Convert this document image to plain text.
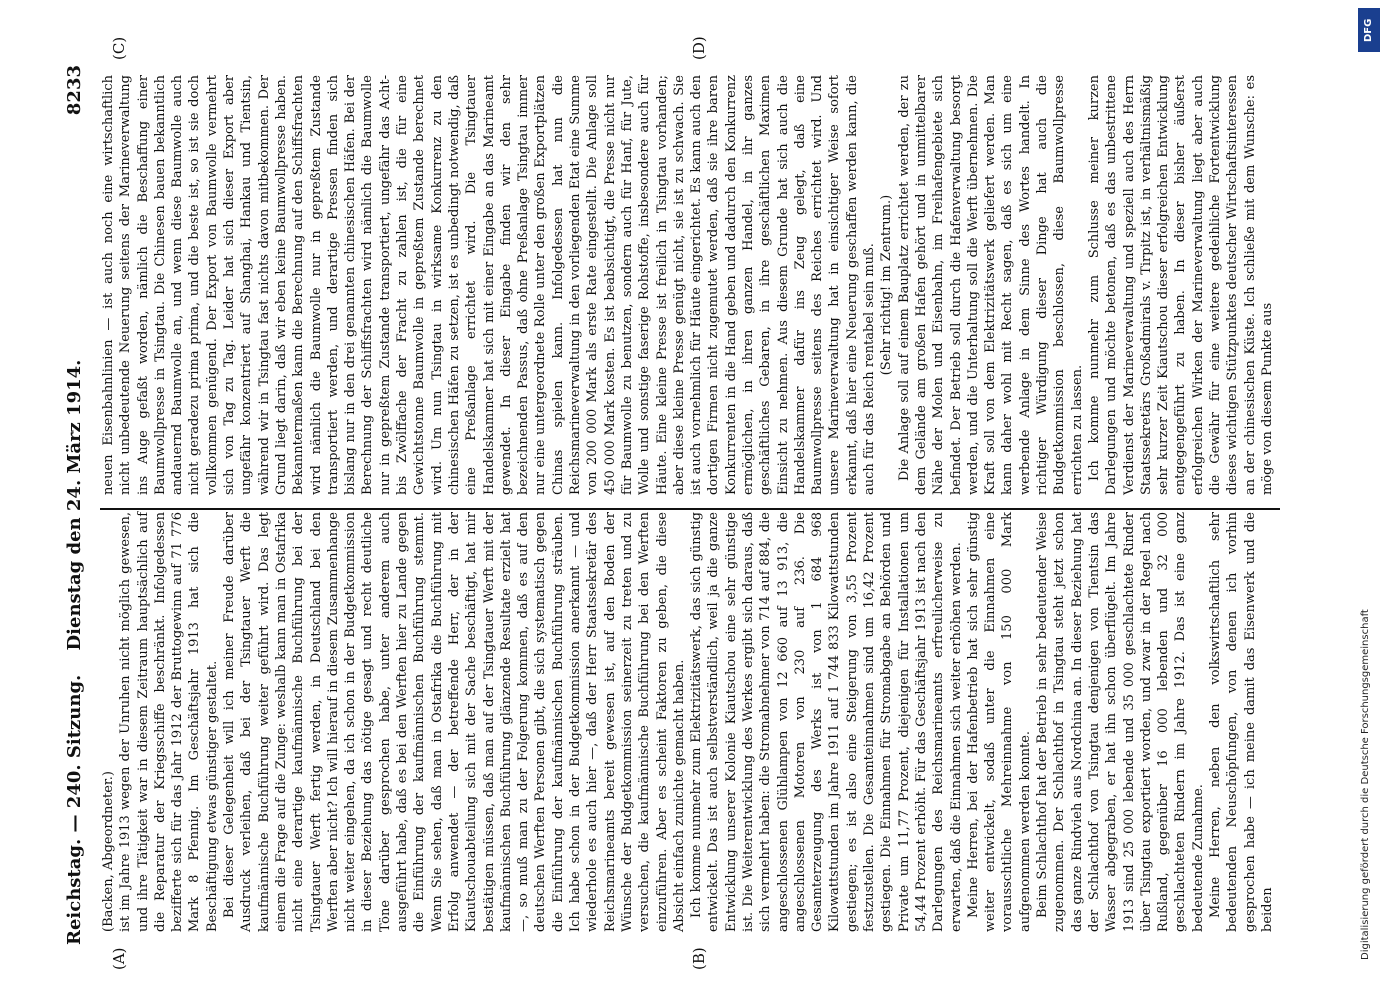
Reichstag. — 240. Sitzung.
Dienstag den 24. März 1914.
8233
(A)	(B)
(C)	(D)

(Backen, Abgeordneter.) ist im Jahre 1913 wegen der Unruhen nicht möglich gewesen, und ihre Tätigkeit war in diesem Zeitraum hauptsächlich auf die Reparatur der Kriegsschiffe beschränkt. Infolgedessen bezifferte sich für das Jahr 1912 der Bruttogewinn auf 71 776 Mark 8 Pfennig. Im Geschäftsjahr 1913 hat sich die Beschäftigung etwas günstiger gestaltet. Bei dieser Gelegenheit will ich meiner Freude darüber Ausdruck verleihen, daß bei der Tsingtauer Werft die kaufmännische Buchführung weiter geführt wird. Das legt einem die Frage auf die Zunge: weshalb kann man in Ostafrika nicht eine derartige kaufmännische Buchführung bei der Tsingtauer Werft fertig werden, in Deutschland bei den Werften aber nicht? Ich will hierauf in diesem Zusammenhange nicht weiter eingehen, da ich schon in der Budgetkommission in dieser Beziehung das nötige gesagt und recht deutliche Töne darüber gesprochen habe, unter anderem auch ausgeführt habe, daß es bei den Werften hier zu Lande gegen die Einführung der kaufmännischen Buchführung stemmt. Wenn Sie sehen, daß man in Ostafrika die Buchführung mit Erfolg anwendet — der betreffende Herr, der in der Kiautschouabteilung sich mit der Sache beschäftigt, hat mir bestätigen müssen, daß man auf der Tsingtauer Werft mit der kaufmännischen Buchführung glänzende Resultate erzielt hat —, so muß man zu der Folgerung kommen, daß es auf den deutschen Werften Personen gibt, die sich systematisch gegen die Einführung der kaufmännischen Buchführung sträuben. Ich habe schon in der Budgetkommission anerkannt — und wiederhole es auch hier —, daß der Herr Staatssekretär des Reichsmarineamts bereit gewesen ist, auf den Boden der Wünsche der Budgetkommission seinerzeit zu treten und zu versuchen, die kaufmännische Buchführung bei den Werften einzuführen. Aber es scheint Faktoren zu geben, die diese Absicht einfach zunichte gemacht haben. Ich komme nunmehr zum Elektrizitätswerk, das sich günstig entwickelt. Das ist auch selbstverständlich, weil ja die ganze Entwicklung unserer Kolonie Kiautschou eine sehr günstige ist. Die Weiterentwicklung des Werkes ergibt sich daraus, daß sich vermehrt haben: die Stromabnehmer von 714 auf 884, die angeschlossenen Glühlampen von 12 660 auf 13 913, die angeschlossenen Motoren von 230 auf 236. Die Gesamterzeugung des Werks ist von 1 684 968 Kilowattstunden im Jahre 1911 auf 1 744 833 Kilowattstunden gestiegen; es ist also eine Steigerung von 3,55 Prozent festzustellen. Die Gesamteinnahmen sind um 16,42 Prozent gestiegen. Die Einnahmen für Stromabgabe an Behörden und Private um 11,77 Prozent, diejenigen für Installationen um 54,44 Prozent erhöht. Für das Geschäftsjahr 1913 ist nach den Darlegungen des Reichsmarineamts erfreulicherweise zu erwarten, daß die Einnahmen sich weiter erhöhen werden. Meine Herren, bei der Hafenbetrieb hat sich sehr günstig weiter entwickelt, sodaß unter die Einnahmen eine vorausschtliche Mehreinnahme von 150 000 Mark aufgenommen werden konnte. Beim Schlachthof hat der Betrieb in sehr bedeutender Weise zugenommen. Der Schlachthof in Tsingtau steht jetzt schon das ganze Rindvieh aus Nordchina an. In dieser Beziehung hat der Schlachthof von Tsingtau denjenigen von Tientsin das Wasser abgegraben, er hat ihn schon überflügelt. Im Jahre 1913 sind 25 000 lebende und 35 000 geschlachtete Rinder über Tsingtau exportiert worden, und zwar in der Regel nach Rußland, gegenüber 16 000 lebenden und 32 000 geschlachteten Rindern im Jahre 1912. Das ist eine ganz bedeutende Zunahme. Meine Herren, neben den volkswirtschaftlich sehr bedeutenden Neuschöpfungen, von denen ich vorhin gesprochen habe — ich meine damit das Eisenwerk und die beiden

neuen Eisenbahnlinien — ist auch noch eine wirtschaftlich nicht unbedeutende Neuerung seitens der Marineverwaltung ins Auge gefaßt worden, nämlich die Beschaffung einer Baumwollpresse in Tsingtau. Die Chinesen bauen bekanntlich andauernd Baumwolle an, und wenn diese Baumwolle auch nicht geradezu prima prima, und die beste ist, so ist sie doch vollkommen genügend. Der Export von Baumwolle vermehrt sich von Tag zu Tag. Leider hat sich dieser Export aber ungefähr konzentriert auf Shanghai, Hankau und Tientsin, während wir in Tsingtau fast nichts davon mitbekommen. Der Grund liegt darin, daß wir eben keine Baumwollpresse haben. Bekanntermaßen kann die Berechnung auf den Schiffsfrachten wird nämlich die Baumwolle nur in gepreßtem Zustande transportiert werden, und derartige Pressen finden sich bislang nur in den drei genannten chinesischen Häfen. Bei der Berechnung der Schiffsfrachten wird nämlich die Baumwolle nur in gepreßtem Zustande transportiert, ungefähr das Acht- bis Zwölffache der Fracht zu zahlen ist, die für eine Gewichtstonne Baumwolle in gepreßtem Zustande berechnet wird. Um nun Tsingtau in wirksame Konkurrenz zu den chinesischen Häfen zu setzen, ist es unbedingt notwendig, daß eine Preßanlage errichtet wird. Die Tsingtauer Handelskammer hat sich mit einer Eingabe an das Marineamt gewendet. In dieser Eingabe finden wir den sehr bezeichnenden Passus, daß ohne Preßanlage Tsingtau immer nur eine untergeordnete Rolle unter den großen Exportplätzen Chinas spielen kann. Infolgedessen hat nun die Reichsmarineverwaltung in den vorliegenden Etat eine Summe von 200 000 Mark als erste Rate eingestellt. Die Anlage soll 450 000 Mark kosten. Es ist beabsichtigt, die Presse nicht nur für Baumwolle zu benutzen, sondern auch für Hanf, für Jute, Wolle und sonstige faserige Rohstoffe, insbesondere auch für Häute. Eine kleine Presse ist freilich in Tsingtau vorhanden; aber diese kleine Presse genügt nicht, sie ist zu schwach. Sie ist auch vornehmlich für Häute eingerichtet. Es kann auch den dortigen Firmen nicht zugemutet werden, daß sie ihre baren Konkurrenten in die Hand geben und dadurch den Konkurrenz ermöglichen, in ihren ganzen Handel, in ihr ganzes geschäftliches Gebaren, in ihre geschäftlichen Maximen Einsicht zu nehmen. Aus diesem Grunde hat sich auch die Handelskammer dafür ins Zeug gelegt, daß eine Baumwollpresse seitens des Reiches errichtet wird. Und unsere Marineverwaltung hat in einsichtiger Weise sofort erkannt, daß hier eine Neuerung geschaffen werden kann, die auch für das Reich rentabel sein muß. (Sehr richtig! im Zentrum.) Die Anlage soll auf einem Bauplatz errichtet werden, der zu dem Gelände am großen Hafen gehört und in unmittelbarer Nähe der Molen und Eisenbahn, im Freihafengebiete sich befindet. Der Betrieb soll durch die Hafenverwaltung besorgt werden, und die Unterhaltung soll die Werft übernehmen. Die Kraft soll von dem Elektrizitätswerk geliefert werden. Man kann daher wohl mit Recht sagen, daß es sich um eine werbende Anlage in dem Sinne des Wortes handelt. In richtiger Würdigung dieser Dinge hat auch die Budgetkommission beschlossen, diese Baumwollpresse errichten zu lassen. Ich komme nunmehr zum Schlusse meiner kurzen Darlegungen und möchte betonen, daß es das unbestrittene Verdienst der Marineverwaltung und speziell auch des Herrn Staatssekretärs Großadmirals v. Tirpitz ist, in verhältnismäßig sehr kurzer Zeit Kiautschou dieser erfolgreichen Entwicklung entgegengeführt zu haben. In dieser bisher äußerst erfolgreichen Wirken der Marineverwaltung liegt aber auch die Gewähr für eine weitere gedeihliche Fortentwicklung dieses wichtigen Stützpunktes deutscher Wirtschaftsinteressen an der chinesischen Küste. Ich schließe mit dem Wunsche: es möge von diesem Punkte aus

DFG
Digitalisierung gefördert durch die Deutsche Forschungsgemeinschaft
